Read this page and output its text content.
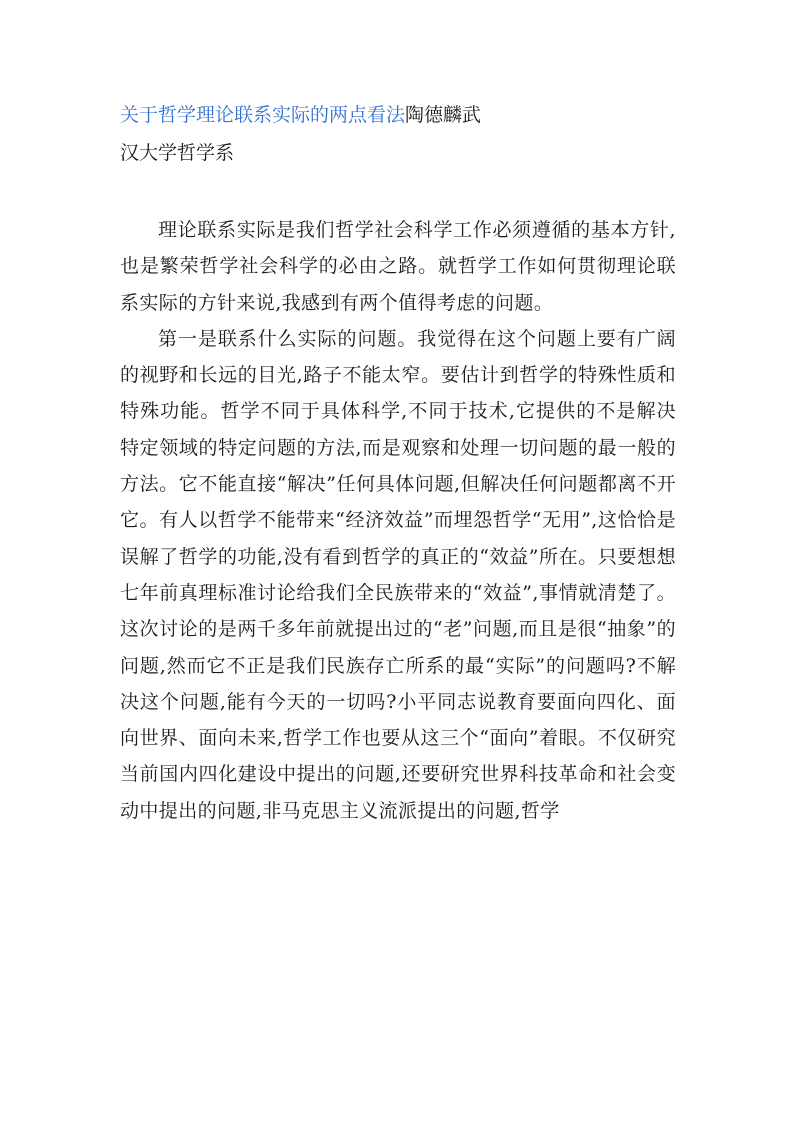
关于哲学理论联系实际的两点看法陶德麟武
汉大学哲学系

理论联系实际是我们哲学社会科学工作必须遵循的基本方针,也是繁荣哲学社会科学的必由之路。就哲学工作如何贯彻理论联系实际的方针来说,我感到有两个值得考虑的问题。

第一是联系什么实际的问题。我觉得在这个问题上要有广阔的视野和长远的目光,路子不能太窄。要估计到哲学的特殊性质和特殊功能。哲学不同于具体科学,不同于技术,它提供的不是解决特定领域的特定问题的方法,而是观察和处理一切问题的最一般的方法。它不能直接“解决”任何具体问题,但解决任何问题都离不开它。有人以哲学不能带来“经济效益”而埋怨哲学“无用”,这恰恰是误解了哲学的功能,没有看到哲学的真正的“效益”所在。只要想想七年前真理标准讨论给我们全民族带来的“效益”,事情就清楚了。这次讨论的是两千多年前就提出过的“老”问题,而且是很“抽象”的问题,然而它不正是我们民族存亡所系的最“实际”的问题吗?不解决这个问题,能有今天的一切吗?小平同志说教育要面向四化、面向世界、面向未来,哲学工作也要从这三个“面向”着眼。不仅研究当前国内四化建设中提出的问题,还要研究世界科技革命和社会变动中提出的问题,非马克思主义流派提出的问题,哲学
